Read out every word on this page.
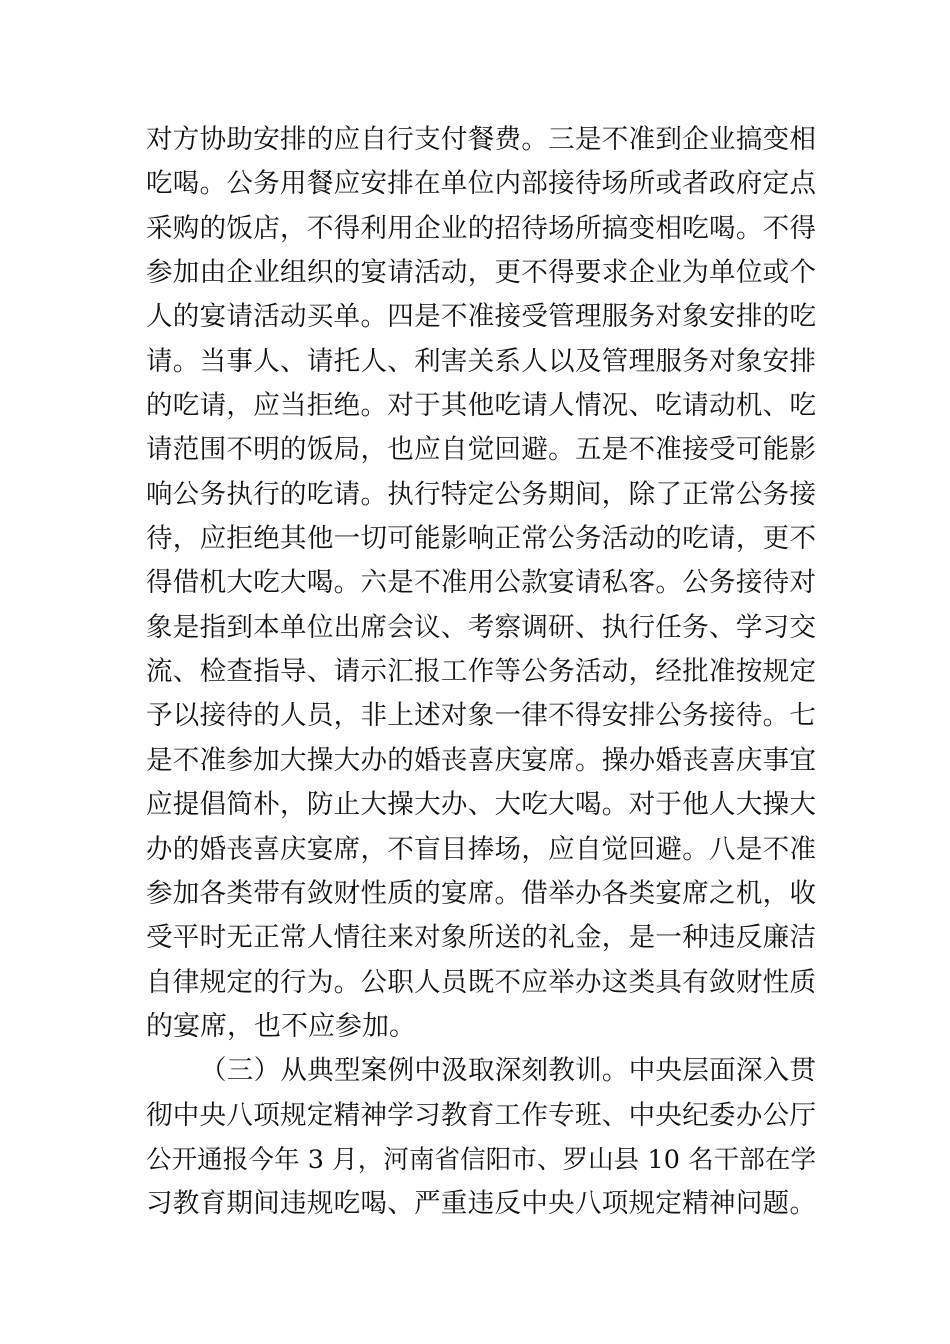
对方协助安排的应自行支付餐费。三是不准到企业搞变相
吃喝。公务用餐应安排在单位内部接待场所或者政府定点
采购的饭店，不得利用企业的招待场所搞变相吃喝。不得
参加由企业组织的宴请活动，更不得要求企业为单位或个
人的宴请活动买单。四是不准接受管理服务对象安排的吃
请。当事人、请托人、利害关系人以及管理服务对象安排
的吃请，应当拒绝。对于其他吃请人情况、吃请动机、吃
请范围不明的饭局，也应自觉回避。五是不准接受可能影
响公务执行的吃请。执行特定公务期间，除了正常公务接
待，应拒绝其他一切可能影响正常公务活动的吃请，更不
得借机大吃大喝。六是不准用公款宴请私客。公务接待对
象是指到本单位出席会议、考察调研、执行任务、学习交
流、检查指导、请示汇报工作等公务活动，经批准按规定
予以接待的人员，非上述对象一律不得安排公务接待。七
是不准参加大操大办的婚丧喜庆宴席。操办婚丧喜庆事宜
应提倡简朴，防止大操大办、大吃大喝。对于他人大操大
办的婚丧喜庆宴席，不盲目捧场，应自觉回避。八是不准
参加各类带有敛财性质的宴席。借举办各类宴席之机，收
受平时无正常人情往来对象所送的礼金，是一种违反廉洁
自律规定的行为。公职人员既不应举办这类具有敛财性质
的宴席，也不应参加。
（三）从典型案例中汲取深刻教训。中央层面深入贯
彻中央八项规定精神学习教育工作专班、中央纪委办公厅
公开通报今年 3 月，河南省信阳市、罗山县 10 名干部在学
习教育期间违规吃喝、严重违反中央八项规定精神问题。
